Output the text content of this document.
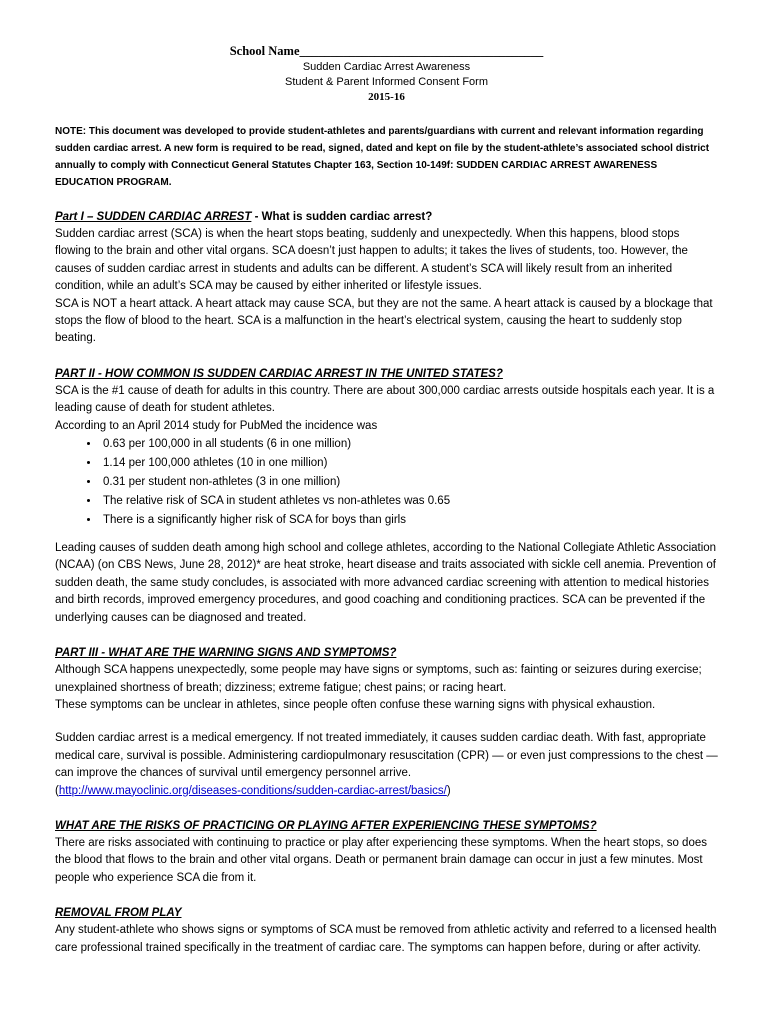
School Name_______________________________________
Sudden Cardiac Arrest Awareness
Student & Parent Informed Consent Form
2015-16
NOTE: This document was developed to provide student-athletes and parents/guardians with current and relevant information regarding sudden cardiac arrest. A new form is required to be read, signed, dated and kept on file by the student-athlete’s associated school district annually to comply with Connecticut General Statutes Chapter 163, Section 10-149f: SUDDEN CARDIAC ARREST AWARENESS EDUCATION PROGRAM.
Part I – SUDDEN CARDIAC ARREST - What is sudden cardiac arrest?

Sudden cardiac arrest (SCA) is when the heart stops beating, suddenly and unexpectedly. When this happens, blood stops flowing to the brain and other vital organs. SCA doesn’t just happen to adults; it takes the lives of students, too. However, the causes of sudden cardiac arrest in students and adults can be different. A student’s SCA will likely result from an inherited condition, while an adult’s SCA may be caused by either inherited or lifestyle issues.

SCA is NOT a heart attack. A heart attack may cause SCA, but they are not the same. A heart attack is caused by a blockage that stops the flow of blood to the heart. SCA is a malfunction in the heart’s electrical system, causing the heart to suddenly stop beating.

PART II - HOW COMMON IS SUDDEN CARDIAC ARREST IN THE UNITED STATES?

SCA is the #1 cause of death for adults in this country. There are about 300,000 cardiac arrests outside hospitals each year. It is a leading cause of death for student athletes.

According to an April 2014 study for PubMed the incidence was

• 0.63 per 100,000 in all students (6 in one million)
• 1.14 per 100,000 athletes (10 in one million)
• 0.31 per student non-athletes (3 in one million)
• The relative risk of SCA in student athletes vs non-athletes was 0.65
• There is a significantly higher risk of SCA for boys than girls

Leading causes of sudden death among high school and college athletes, according to the National Collegiate Athletic Association (NCAA) (on CBS News, June 28, 2012)* are heat stroke, heart disease and traits associated with sickle cell anemia. Prevention of sudden death, the same study concludes, is associated with more advanced cardiac screening with attention to medical histories and birth records, improved emergency procedures, and good coaching and conditioning practices. SCA can be prevented if the underlying causes can be diagnosed and treated.

PART III - WHAT ARE THE WARNING SIGNS AND SYMPTOMS?

Although SCA happens unexpectedly, some people may have signs or symptoms, such as: fainting or seizures during exercise; unexplained shortness of breath; dizziness; extreme fatigue; chest pains; or racing heart.

These symptoms can be unclear in athletes, since people often confuse these warning signs with physical exhaustion.

Sudden cardiac arrest is a medical emergency. If not treated immediately, it causes sudden cardiac death. With fast, appropriate medical care, survival is possible. Administering cardiopulmonary resuscitation (CPR) — or even just compressions to the chest — can improve the chances of survival until emergency personnel arrive.

(http://www.mayoclinic.org/diseases-conditions/sudden-cardiac-arrest/basics/)

WHAT ARE THE RISKS OF PRACTICING OR PLAYING AFTER EXPERIENCING THESE SYMPTOMS?

There are risks associated with continuing to practice or play after experiencing these symptoms. When the heart stops, so does the blood that flows to the brain and other vital organs. Death or permanent brain damage can occur in just a few minutes. Most people who experience SCA die from it.

REMOVAL FROM PLAY

Any student-athlete who shows signs or symptoms of SCA must be removed from athletic activity and referred to a licensed health care professional trained specifically in the treatment of cardiac care. The symptoms can happen before, during or after activity.
